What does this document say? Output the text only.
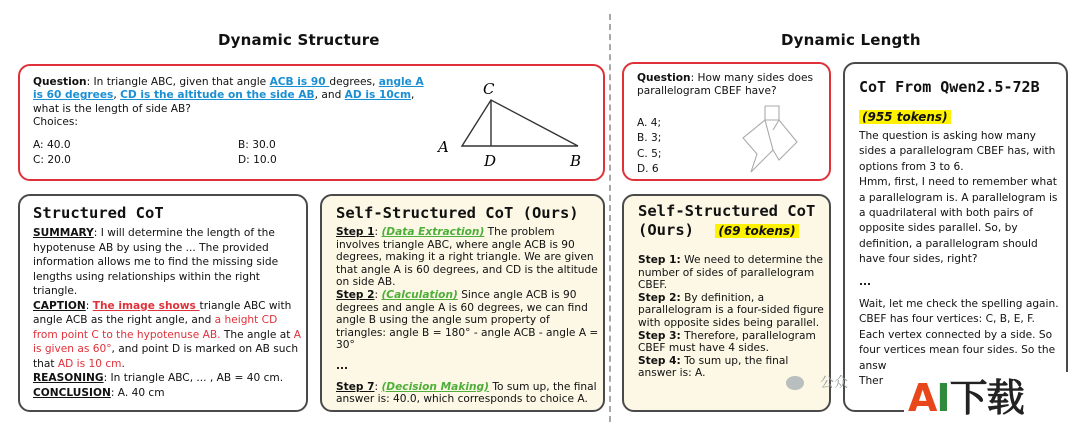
Dynamic Structure	Dynamic Length
Question: In triangle ABC, given that angle ACB is 90 degrees, angle A is 60 degrees, CD is the altitude on the side AB, and AD is 10cm,
what is the length of side AB?
Choices:
A: 40.0	B: 30.0
C: 20.0	D: 10.0
C
A
D	B
Structured CoT

SUMMARY: I will determine the length of the hypotenuse AB by using the ... The provided information allows me to find the missing side lengths using relationships within the right triangle.

CAPTION: The image shows triangle ABC with angle ACB as the right angle, and a height CD from point C to the hypotenuse AB. The angle at A is given as 60°, and point D is marked on AB such that AD is 10 cm.

REASONING: In triangle ABC, ... , AB = 40 cm.

CONCLUSION: A. 40 cm

Self-Structured CoT (Ours)

Step 1: (Data Extraction) The problem involves triangle ABC, where angle ACB is 90 degrees, making it a right triangle. We are given that angle A is 60 degrees, and CD is the altitude on side AB.

Step 2: (Calculation) Since angle ACB is 90 degrees and angle A is 60 degrees, we can find angle B using the angle sum property of triangles: angle B = 180° - angle ACB - angle A = 30°

...

Step 7: (Decision Making) To sum up, the final answer is: 40.0, which corresponds to choice A.

Question: How many sides does parallelogram CBEF have?

A. 4;

B. 3;

C. 5;

D. 6

Self-Structured CoT
(Ours) (69 tokens)

Step 1: We need to determine the number of sides of parallelogram CBEF.

Step 2: By definition, a parallelogram is a four-sided figure with opposite sides being parallel.

Step 3: Therefore, parallelogram CBEF must have 4 sides.

Step 4: To sum up, the final answer is: A.

CoT From Qwen2.5-72B
(955 tokens)

The question is asking how many sides a parallelogram CBEF has, with options from 3 to 6.

Hmm, first, I need to remember what a parallelogram is. A parallelogram is a quadrilateral with both pairs of opposite sides parallel. So, by definition, a parallelogram should have four sides, right?

...

Wait, let me check the spelling again. CBEF has four vertices: C, B, E, F. Each vertex connected by a side. So four vertices mean four sides. So the answ

Ther

公众 AI下载
